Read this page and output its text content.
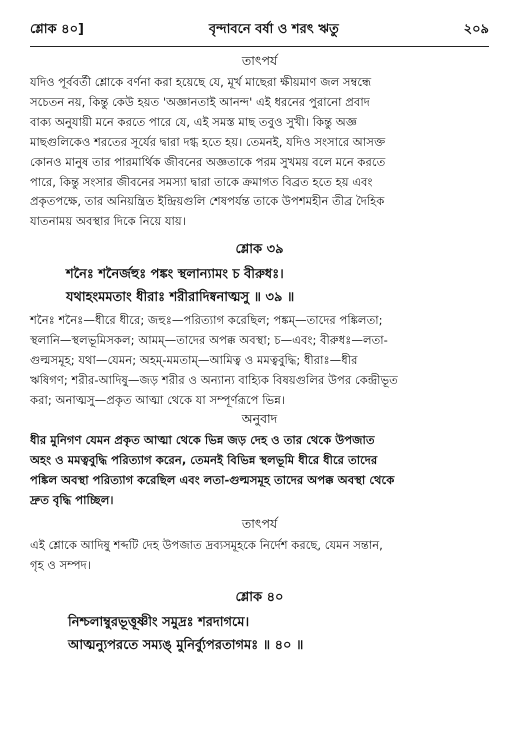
শ্লোক ৪০]	বৃন্দাবনে বর্ষা ও শরৎ ঋতু	২০৯

তাৎপর্য

যদিও পূর্ববর্তী শ্লোকে বর্ণনা করা হয়েছে যে, মূর্খ মাছেরা ক্ষীয়মাণ জল সম্বন্ধে

সচেতন নয়, কিন্তু কেউ হয়ত 'অজ্ঞানতাই আনন্দ' এই ধরনের পুরানো প্রবাদ

বাক্য অনুযায়ী মনে করতে পারে যে, এই সমস্ত মাছ তবুও সুখী। কিন্তু অজ্ঞ

মাছগুলিকেও শরতের সূর্যের দ্বারা দগ্ধ হতে হয়। তেমনই, যদিও সংসারে আসক্ত

কোনও মানুষ তার পারমার্থিক জীবনের অজ্ঞতাকে পরম সুখময় বলে মনে করতে

পারে, কিন্তু সংসার জীবনের সমস্যা দ্বারা তাকে ক্রমাগত বিব্রত হতে হয় এবং

প্রকৃতপক্ষে, তার অনিয়ন্ত্রিত ইন্দ্রিয়গুলি শেষপর্যন্ত তাকে উপশমহীন তীব্র দৈহিক

যাতনাময় অবস্থার দিকে নিয়ে যায়।

শ্লোক ৩৯

শনৈঃ শনৈর্জহুঃ পঙ্কং স্থলান্যামং চ বীরুধঃ।

যথাহংমমতাং ধীরাঃ শরীরাদিষ্বনাত্মসু ॥ ৩৯ ॥

শনৈঃ শনৈঃ—ধীরে ধীরে; জহুঃ—পরিত্যাগ করেছিল; পঙ্কম্—তাদের পঙ্কিলতা;

স্থলানি—স্থলভূমিসকল; আমম্—তাদের অপক্ক অবস্থা; চ—এবং; বীরুধঃ—লতা-

গুল্মসমূহ; যথা—যেমন; অহম্-মমতাম্—আমিত্ব ও মমত্ববুদ্ধি; ধীরাঃ—ধীর

ঋষিগণ; শরীর-আদিষু—জড় শরীর ও অন্যান্য বাহ্যিক বিষয়গুলির উপর কেন্দ্রীভূত

করা; অনাত্মসু—প্রকৃত আত্মা থেকে যা সম্পূর্ণরূপে ভিন্ন।

অনুবাদ

ধীর মুনিগণ যেমন প্রকৃত আত্মা থেকে ভিন্ন জড় দেহ ও তার থেকে উপজাত

অহং ও মমত্ববুদ্ধি পরিত্যাগ করেন, তেমনই বিভিন্ন স্থলভূমি ধীরে ধীরে তাদের

পঙ্কিল অবস্থা পরিত্যাগ করেছিল এবং লতা-গুল্মসমূহ তাদের অপক্ক অবস্থা থেকে

দ্রুত বৃদ্ধি পাচ্ছিল।

তাৎপর্য

এই শ্লোকে আদিষু শব্দটি দেহ উপজাত দ্রব্যসমূহকে নির্দেশ করছে, যেমন সন্তান,

গৃহ ও সম্পদ।

শ্লোক ৪০

নিশ্চলাম্বুরভূত্তূষ্ণীং সমুদ্রঃ শরদাগমে।

আত্মন্যুপরতে সম্যঙ্ মুনির্ব্যুপরতাগমঃ ॥ ৪০ ॥
